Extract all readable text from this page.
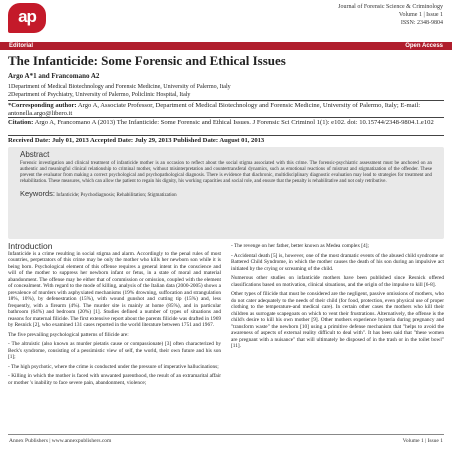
ap	Journal of Forensic Science & Criminology
Volume 1 | Issue 1
ISSN: 2348-9804
Editorial	Open Access
The Infanticide: Some Forensic and Ethical Issues
Argo A*1 and Francomano A2
1Department of Medical Biotechnology and Forensic Medicine, University of Palermo, Italy
2Department of Psychiatry, University of Palermo, Policlinic Hospital, Italy
*Corresponding author: Argo A, Associate Professor, Department of Medical Biotechnology and Forensic Medicine, University of Palermo, Italy; E-mail: antonella.argo@libero.it
Citation: Argo A, Francomano A (2013) The Infanticide: Some Forensic and Ethical Issues. J Forensic Sci Criminol 1(1): e102. doi: 10.15744/2348-9804.1.e102
Received Date: July 01, 2013 Accepted Date: July 29, 2013 Published Date: August 01, 2013
Abstract
Forensic investigation and clinical treatment of infanticide mother is an occasion to reflect about the social stigma associated with this crime. The forensic-psychiatric assessment must be anchored on an authentic and meaningful clinical relationship to criminal mother, without misinterpretation and countertransferal dynamics, such as emotional reactions of mistrust and stigmatization of the offender. These prevent the evaluator from making a correct psychological and psychopathological diagnosis. There is evidence that diachronic, multidisciplinary diagnostic evaluation may lead to strategies for treatment and rehabilitation. These measures, which can allow the patient to regain his dignity, his working capacities and social role, and ensure that the penalty is rehabilitative and not only retributive.
Keywords: Infanticide; Psychodiagnosis; Rehabilitation; Stigmatization
Introduction

Infanticide is a crime resulting in social stigma and alarm. Accordingly to the penal rules of most countries, perpetrators of this crime may be only the mother who kills her newborn son while it is being born. Psychological element of this offense requires a general intent in the conscience and will of the mother to suppress her newborn infant or fetus, in a state of moral and material abandonment. The offense may be either that of commission or omission, coupled with the element of concealment. With regard to the mode of killing, analysis of the Italian data (2000-2005) shows a prevalence of murders with asphyxiated mechanisms (19% drowning, suffocation and strangulation 18%, 10%), by defenestration (15%), with wound gunshot and cutting tip (15%) and, less frequently, with a firearm (4%). The murder site is mainly at home (85%), and in particular bathroom (64%) and bedroom (20%) [1]. Studies defined a number of types of situations and reasons for maternal filicide. The first extensive report about the parents filicide was drafted in 1969 by Resnick [2], who examined 131 cases reported in the world literature between 1751 and 1967.

The five prevailing psychological patterns of filicide are:

- The altruistic (also known as murder pietatis cause or compassionate) [3] often characterized by Beck's syndrome, consisting of a pessimistic view of self, the world, their own future and his son [1];

- The high psychotic, where the crime is conducted under the pressure of imperative hallucinations;

- Killing in which the mother is faced with unwanted parenthood, the result of an extramarital affair or mother 's inability to face severe pain, abandonment, violence;

- The revenge on her father, better known as Medea complex [4];

- Accidental death [5] is, however, one of the most dramatic events of the abused child syndrome or Battered Child Syndrome, in which the mother causes the death of his son during an impulsive act initiated by the crying or screaming of the child.

Numerous other studies on infanticide mothers have been published since Resnick offered classifications based on motivation, clinical situations, and the origin of the impulse to kill [6-8].

Other types of filicide that must be considered are the negligent, passive omissions of mothers, who do not cater adequately to the needs of their child (for food, protection, even physical use of proper clothing to the temperature-and medical care). In certain other cases the mothers who kill their children as surrogate scapegoats on which to vent their frustrations. Alternatively, the offense is the child's desire to kill his own mother [9]. Other mothers experience hysteria during pregnancy and "transform waste" the newborn [10] using a primitive defense mechanism that "helps to avoid the awareness of aspects of external reality difficult to deal with". It has been said that "these women are pregnant with a nuisance" that will ultimately be disposed of in the trash or in the toilet bowl" [11].

Annex Publishers | www.annexpublishers.com	Volume 1 | Issue 1
